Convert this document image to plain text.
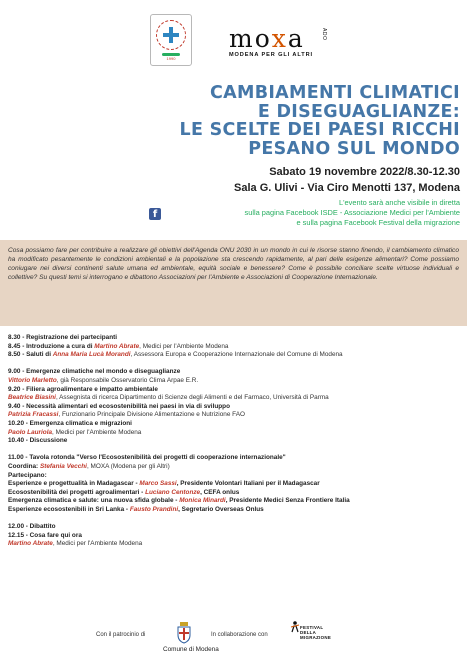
1990
moxa	ADO
MODENA PER GLI ALTRI
CAMBIAMENTI CLIMATICI
E DISEGUAGLIANZE:
LE SCELTE DEI PAESI RICCHI
PESANO SUL MONDO
Sabato 19 novembre 2022/8.30-12.30
Sala G. Ulivi - Via Ciro Menotti 137, Modena
L'evento sarà anche visibile in diretta
sulla pagina Facebook ISDE - Associazione Medici per l'Ambiente
e sulla pagina Facebook Festival della migrazione
f

Cosa possiamo fare per contribuire a realizzare gli obiettivi dell'Agenda ONU 2030 in un mondo in cui le risorse stanno finendo, il cambiamento climatico ha modificato pesantemente le condizioni ambientali e la popolazione sta crescendo rapidamente, al pari delle esigenze alimentari? Come possiamo coniugare nei diversi continenti salute umana ed ambientale, equità sociale e benessere? Come è possibile conciliare scelte virtuose individuali e collettive? Su questi temi si interrogano e dibattono Associazioni per l'Ambiente e Associazioni di Cooperazione Internazionale.

8.30 - Registrazione dei partecipanti
8.45 - Introduzione a cura di Martino Abrate, Medici per l'Ambiente Modena
8.50 - Saluti di Anna Maria Lucà Morandi, Assessora Europa e Cooperazione Internazionale del Comune di Modena
9.00 - Emergenze climatiche nel mondo e diseguaglianze
Vittorio Marletto, già Responsabile Osservatorio Clima Arpae E.R.
9.20 - Filiera agroalimentare e impatto ambientale
Beatrice Biasini, Assegnista di ricerca Dipartimento di Scienze degli Alimenti e del Farmaco, Università di Parma
9.40 - Necessità alimentari ed ecosostenibilità nei paesi in via di sviluppo
Patrizia Fracassi, Funzionario Principale Divisione Alimentazione e Nutrizione FAO
10.20 - Emergenza climatica e migrazioni
Paolo Lauriola, Medici per l'Ambiente Modena
10.40 - Discussione
11.00 - Tavola rotonda "Verso l'Ecosostenibilità dei progetti di cooperazione internazionale"
Coordina: Stefania Vecchi, MOXA (Modena per gli Altri)
Partecipano:
Esperienze e progettualità in Madagascar - Marco Sassi, Presidente Volontari Italiani per il Madagascar
Ecosostenibilità dei progetti agroalimentari - Luciano Centonze, CEFA onlus
Emergenza climatica e salute: una nuova sfida globale - Monica Minardi, Presidente Medici Senza Frontiere Italia
Esperienze ecosostenibili in Sri Lanka - Fausto Prandini, Segretario Overseas Onlus
12.00 - Dibattito
12.15 - Cosa fare qui ora
Martino Abrate, Medici per l'Ambiente Modena
Con il patrocinio di
Comune di Modena
In collaborazione con
FESTIVAL
DELLA
MIGRAZIONE
